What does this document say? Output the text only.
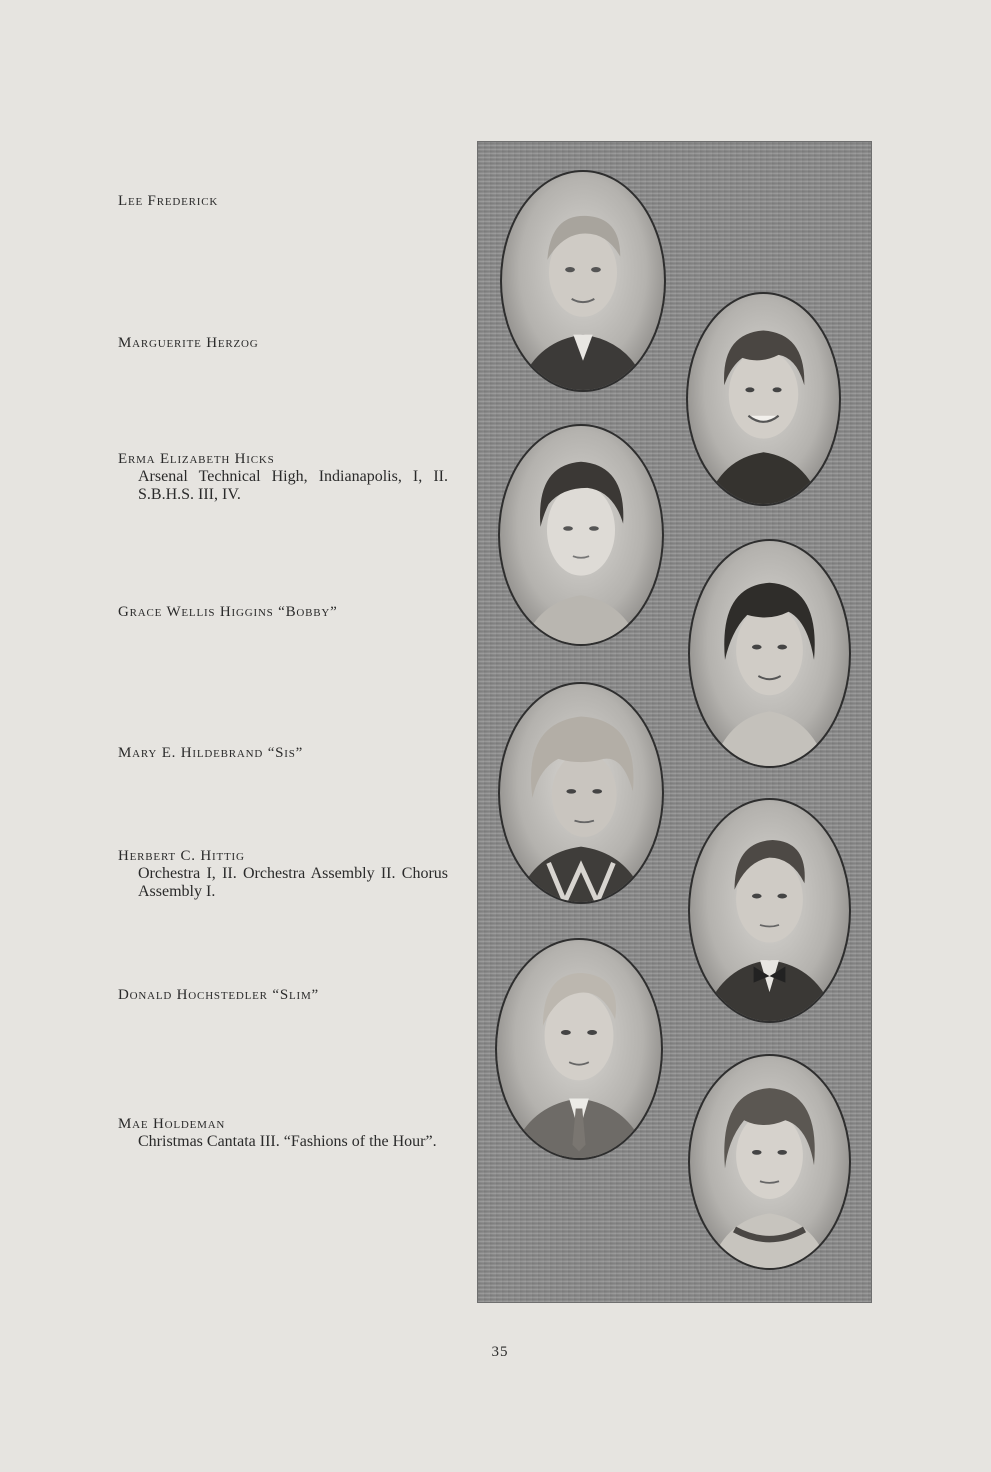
Lee Frederick

Marguerite Herzog

Erma Elizabeth Hicks

Arsenal Technical High, Indianapolis, I, II. S.B.H.S. III, IV.

Grace Wellis Higgins “Bobby”

Mary E. Hildebrand “Sis”

Herbert C. Hittig

Orchestra I, II. Orchestra Assembly II. Chorus Assembly I.

Donald Hochstedler “Slim”

Mae Holdeman

Christmas Cantata III. “Fashions of the Hour”.

35
